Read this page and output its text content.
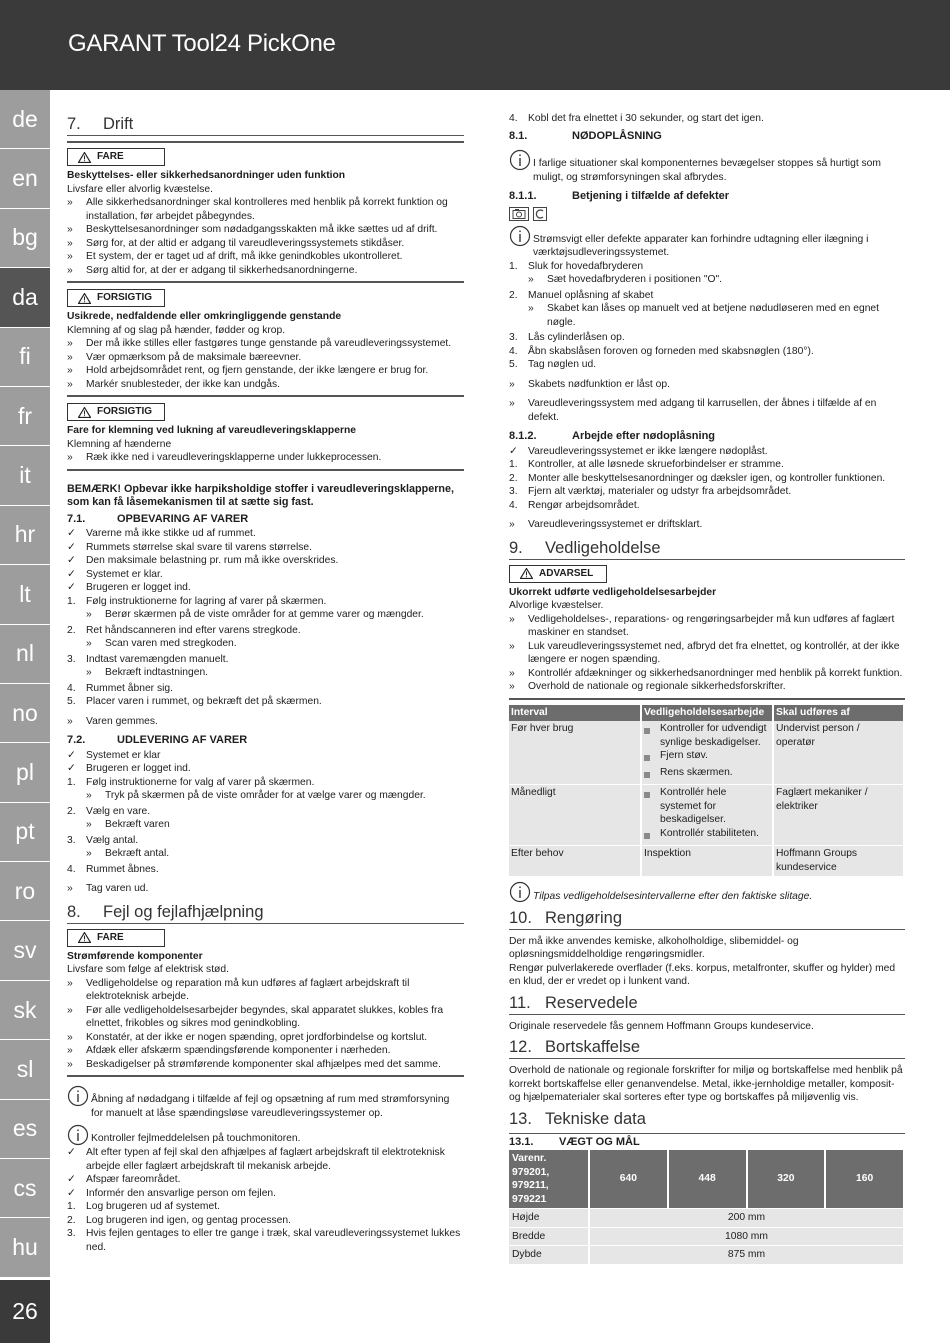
GARANT Tool24 PickOne
de
en
bg
da
fi
fr
it
hr
lt
nl
no
pl
pt
ro
sv
sk
sl
es
cs
hu
26
7.	Drift
FARE
Beskyttelses- eller sikkerhedsanordninger uden funktion
Livsfare eller alvorlig kvæstelse.
»	Alle sikkerhedsanordninger skal kontrolleres med henblik på korrekt funktion og installation, før arbejdet påbegyndes.
»	Beskyttelsesanordninger som nødadgangsskakten må ikke sættes ud af drift.
»	Sørg for, at der altid er adgang til vareudleveringssystemets stikdåser.
»	Et system, der er taget ud af drift, må ikke genindkobles ukontrolleret.
»	Sørg altid for, at der er adgang til sikkerhedsanordningerne.
FORSIGTIG
Usikrede, nedfaldende eller omkringliggende genstande
Klemning af og slag på hænder, fødder og krop.
»	Der må ikke stilles eller fastgøres tunge genstande på vareudleveringssystemet.
»	Vær opmærksom på de maksimale bæreevner.
»	Hold arbejdsområdet rent, og fjern genstande, der ikke længere er brug for.
»	Markér snublesteder, der ikke kan undgås.
FORSIGTIG
Fare for klemning ved lukning af vareudleveringsklapperne
Klemning af hænderne
»	Ræk ikke ned i vareudleveringsklapperne under lukkeprocessen.
BEMÆRK! Opbevar ikke harpiksholdige stoffer i vareudleveringsklapperne, som kan få låsemekanismen til at sætte sig fast.
7.1.	OPBEVARING AF VARER
✓	Varerne må ikke stikke ud af rummet.
✓	Rummets størrelse skal svare til varens størrelse.
✓	Den maksimale belastning pr. rum må ikke overskrides.
✓	Systemet er klar.
✓	Brugeren er logget ind.
1.	Følg instruktionerne for lagring af varer på skærmen.
»	Berør skærmen på de viste områder for at gemme varer og mængder.
2.	Ret håndscanneren ind efter varens stregkode.
»	Scan varen med stregkoden.
3.	Indtast varemængden manuelt.
»	Bekræft indtastningen.
4.	Rummet åbner sig.
5.	Placer varen i rummet, og bekræft det på skærmen.
»	Varen gemmes.
7.2.	UDLEVERING AF VARER
✓	Systemet er klar
✓	Brugeren er logget ind.
1.	Følg instruktionerne for valg af varer på skærmen.
»	Tryk på skærmen på de viste områder for at vælge varer og mængder.
2.	Vælg en vare.
»	Bekræft varen
3.	Vælg antal.
»	Bekræft antal.
4.	Rummet åbnes.
»	Tag varen ud.
8.	Fejl og fejlafhjælpning
FARE
Strømførende komponenter
Livsfare som følge af elektrisk stød.
»	Vedligeholdelse og reparation må kun udføres af faglært arbejdskraft til elektroteknisk arbejde.
»	Før alle vedligeholdelsesarbejder begyndes, skal apparatet slukkes, kobles fra elnettet, frikobles og sikres mod genindkobling.
»	Konstatér, at der ikke er nogen spænding, opret jordforbindelse og kortslut.
»	Afdæk eller afskærm spændingsførende komponenter i nærheden.
»	Beskadigelser på strømførende komponenter skal afhjælpes med det samme.
Åbning af nødadgang i tilfælde af fejl og opsætning af rum med strømforsyning for manuelt at låse spændingsløse vareudleveringssystemer op.
Kontroller fejlmeddelelsen på touchmonitoren.
✓	Alt efter typen af fejl skal den afhjælpes af faglært arbejdskraft til elektroteknisk arbejde eller faglært arbejdskraft til mekanisk arbejde.
✓	Afspær fareområdet.
✓	Informér den ansvarlige person om fejlen.
1.	Log brugeren ud af systemet.
2.	Log brugeren ind igen, og gentag processen.
3.	Hvis fejlen gentages to eller tre gange i træk, skal vareudleveringssystemet lukkes ned.
4.	Kobl det fra elnettet i 30 sekunder, og start det igen.
8.1.	NØDOPLÅSNING
I farlige situationer skal komponenternes bevægelser stoppes så hurtigt som muligt, og strømforsyningen skal afbrydes.
8.1.1.	Betjening i tilfælde af defekter
Strømsvigt eller defekte apparater kan forhindre udtagning eller ilægning i værktøjsudleveringssystemet.
1.	Sluk for hovedafbryderen
»	Sæt hovedafbryderen i positionen "O".
2.	Manuel oplåsning af skabet
»	Skabet kan låses op manuelt ved at betjene nødudløseren med en egnet nøgle.
3.	Lås cylinderlåsen op.
4.	Åbn skabslåsen foroven og forneden med skabsnøglen (180°).
5.	Tag nøglen ud.
»	Skabets nødfunktion er låst op.
»	Vareudleveringssystem med adgang til karrusellen, der åbnes i tilfælde af en defekt.
8.1.2.	Arbejde efter nødoplåsning
✓	Vareudleveringssystemet er ikke længere nødoplåst.
1.	Kontroller, at alle løsnede skrueforbindelser er stramme.
2.	Monter alle beskyttelsesanordninger og dæksler igen, og kontroller funktionen.
3.	Fjern alt værktøj, materialer og udstyr fra arbejdsområdet.
4.	Rengør arbejdsområdet.
»	Vareudleveringssystemet er driftsklart.
9.	Vedligeholdelse
ADVARSEL
Ukorrekt udførte vedligeholdelsesarbejder
Alvorlige kvæstelser.
»	Vedligeholdelses-, reparations- og rengøringsarbejder må kun udføres af faglært maskiner en standset.
»	Luk vareudleveringssystemet ned, afbryd det fra elnettet, og kontrollér, at der ikke længere er nogen spænding.
»	Kontrollér afdækninger og sikkerhedsanordninger med henblik på korrekt funktion.
»	Overhold de nationale og regionale sikkerhedsforskrifter.
Interval	Vedligeholdelsesarbejde	Skal udføres af
Før hver brug	Kontroller for udvendigt synlige beskadigelser.
Fjern støv.
Rens skærmen.	Undervist person / operatør
Månedligt	Kontrollér hele systemet for beskadigelser.
Kontrollér stabiliteten.	Faglært mekaniker / elektriker
Efter behov	Inspektion	Hoffmann Groups kundeservice
Tilpas vedligeholdelsesintervallerne efter den faktiske slitage.
10. Rengøring
Der må ikke anvendes kemiske, alkoholholdige, slibemiddel- og opløsningsmiddelholdige rengøringsmidler.
Rengør pulverlakerede overflader (f.eks. korpus, metalfronter, skuffer og hylder) med en klud, der er vredet op i lunkent vand.
11. Reservedele
Originale reservedele fås gennem Hoffmann Groups kundeservice.
12. Bortskaffelse
Overhold de nationale og regionale forskrifter for miljø og bortskaffelse med henblik på korrekt bortskaffelse eller genanvendelse. Metal, ikke-jernholdige metaller, komposit- og hjælpematerialer skal sorteres efter type og bortskaffes på miljøvenlig vis.
13. Tekniske data
13.1.	VÆGT OG MÅL
Varenr. 979201, 979211, 979221	640	448	320	160
Højde	200 mm			
Bredde	1080 mm			
Dybde	875 mm			
